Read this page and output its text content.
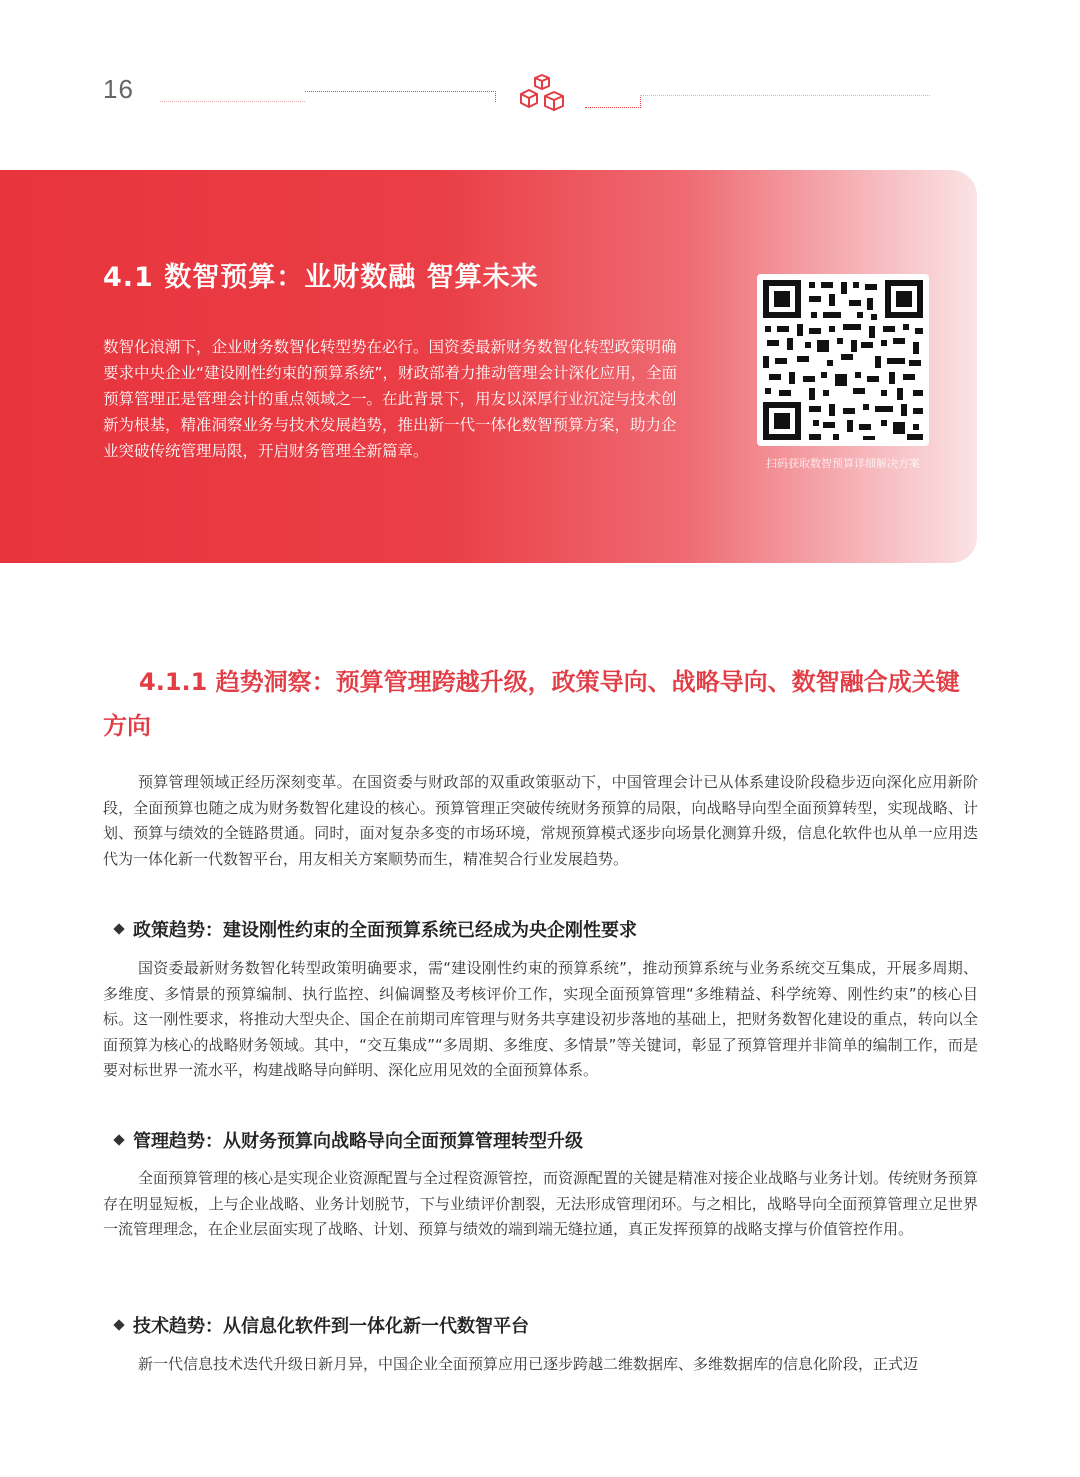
16
4.1 数智预算：业财数融 智算未来
数智化浪潮下，企业财务数智化转型势在必行。国资委最新财务数智化转型政策明确要求中央企业“建设刚性约束的预算系统”，财政部着力推动管理会计深化应用，全面预算管理正是管理会计的重点领域之一。在此背景下，用友以深厚行业沉淀与技术创新为根基，精准洞察业务与技术发展趋势，推出新一代一体化数智预算方案，助力企业突破传统管理局限，开启财务管理全新篇章。
扫码获取数智预算详细解决方案
4.1.1 趋势洞察：预算管理跨越升级，政策导向、战略导向、数智融合成关键方向
预算管理领域正经历深刻变革。在国资委与财政部的双重政策驱动下，中国管理会计已从体系建设阶段稳步迈向深化应用新阶段，全面预算也随之成为财务数智化建设的核心。预算管理正突破传统财务预算的局限，向战略导向型全面预算转型，实现战略、计划、预算与绩效的全链路贯通。同时，面对复杂多变的市场环境，常规预算模式逐步向场景化测算升级，信息化软件也从单一应用迭代为一体化新一代数智平台，用友相关方案顺势而生，精准契合行业发展趋势。
政策趋势：建设刚性约束的全面预算系统已经成为央企刚性要求
国资委最新财务数智化转型政策明确要求，需“建设刚性约束的预算系统”，推动预算系统与业务系统交互集成，开展多周期、多维度、多情景的预算编制、执行监控、纠偏调整及考核评价工作，实现全面预算管理“多维精益、科学统筹、刚性约束”的核心目标。这一刚性要求，将推动大型央企、国企在前期司库管理与财务共享建设初步落地的基础上，把财务数智化建设的重点，转向以全面预算为核心的战略财务领域。其中，“交互集成”“多周期、多维度、多情景”等关键词，彰显了预算管理并非简单的编制工作，而是要对标世界一流水平，构建战略导向鲜明、深化应用见效的全面预算体系。
管理趋势：从财务预算向战略导向全面预算管理转型升级
全面预算管理的核心是实现企业资源配置与全过程资源管控，而资源配置的关键是精准对接企业战略与业务计划。传统财务预算存在明显短板，上与企业战略、业务计划脱节，下与业绩评价割裂，无法形成管理闭环。与之相比，战略导向全面预算管理立足世界一流管理理念，在企业层面实现了战略、计划、预算与绩效的端到端无缝拉通，真正发挥预算的战略支撑与价值管控作用。
技术趋势：从信息化软件到一体化新一代数智平台
新一代信息技术迭代升级日新月异，中国企业全面预算应用已逐步跨越二维数据库、多维数据库的信息化阶段，正式迈
